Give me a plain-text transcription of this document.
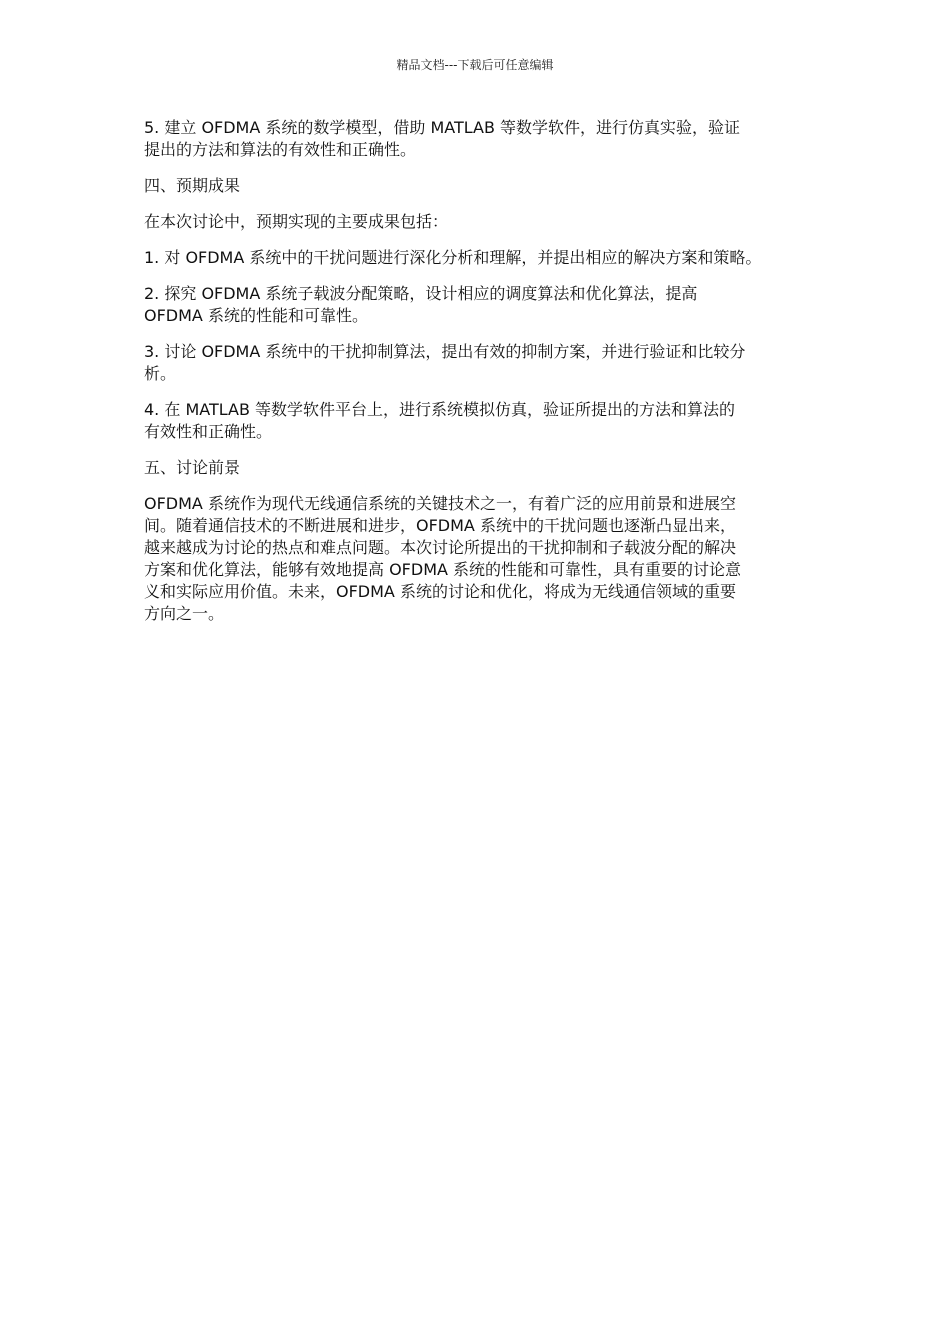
精品文档---下载后可任意编辑

5. 建立 OFDMA 系统的数学模型，借助 MATLAB 等数学软件，进行仿真实验，验证
提出的方法和算法的有效性和正确性。

四、预期成果

在本次讨论中，预期实现的主要成果包括：

1. 对 OFDMA 系统中的干扰问题进行深化分析和理解，并提出相应的解决方案和策略。

2. 探究 OFDMA 系统子载波分配策略，设计相应的调度算法和优化算法，提高
OFDMA 系统的性能和可靠性。

3. 讨论 OFDMA 系统中的干扰抑制算法，提出有效的抑制方案，并进行验证和比较分
析。

4. 在 MATLAB 等数学软件平台上，进行系统模拟仿真，验证所提出的方法和算法的
有效性和正确性。

五、讨论前景

OFDMA 系统作为现代无线通信系统的关键技术之一，有着广泛的应用前景和进展空
间。随着通信技术的不断进展和进步，OFDMA 系统中的干扰问题也逐渐凸显出来，
越来越成为讨论的热点和难点问题。本次讨论所提出的干扰抑制和子载波分配的解决
方案和优化算法，能够有效地提高 OFDMA 系统的性能和可靠性，具有重要的讨论意
义和实际应用价值。未来，OFDMA 系统的讨论和优化，将成为无线通信领域的重要
方向之一。
